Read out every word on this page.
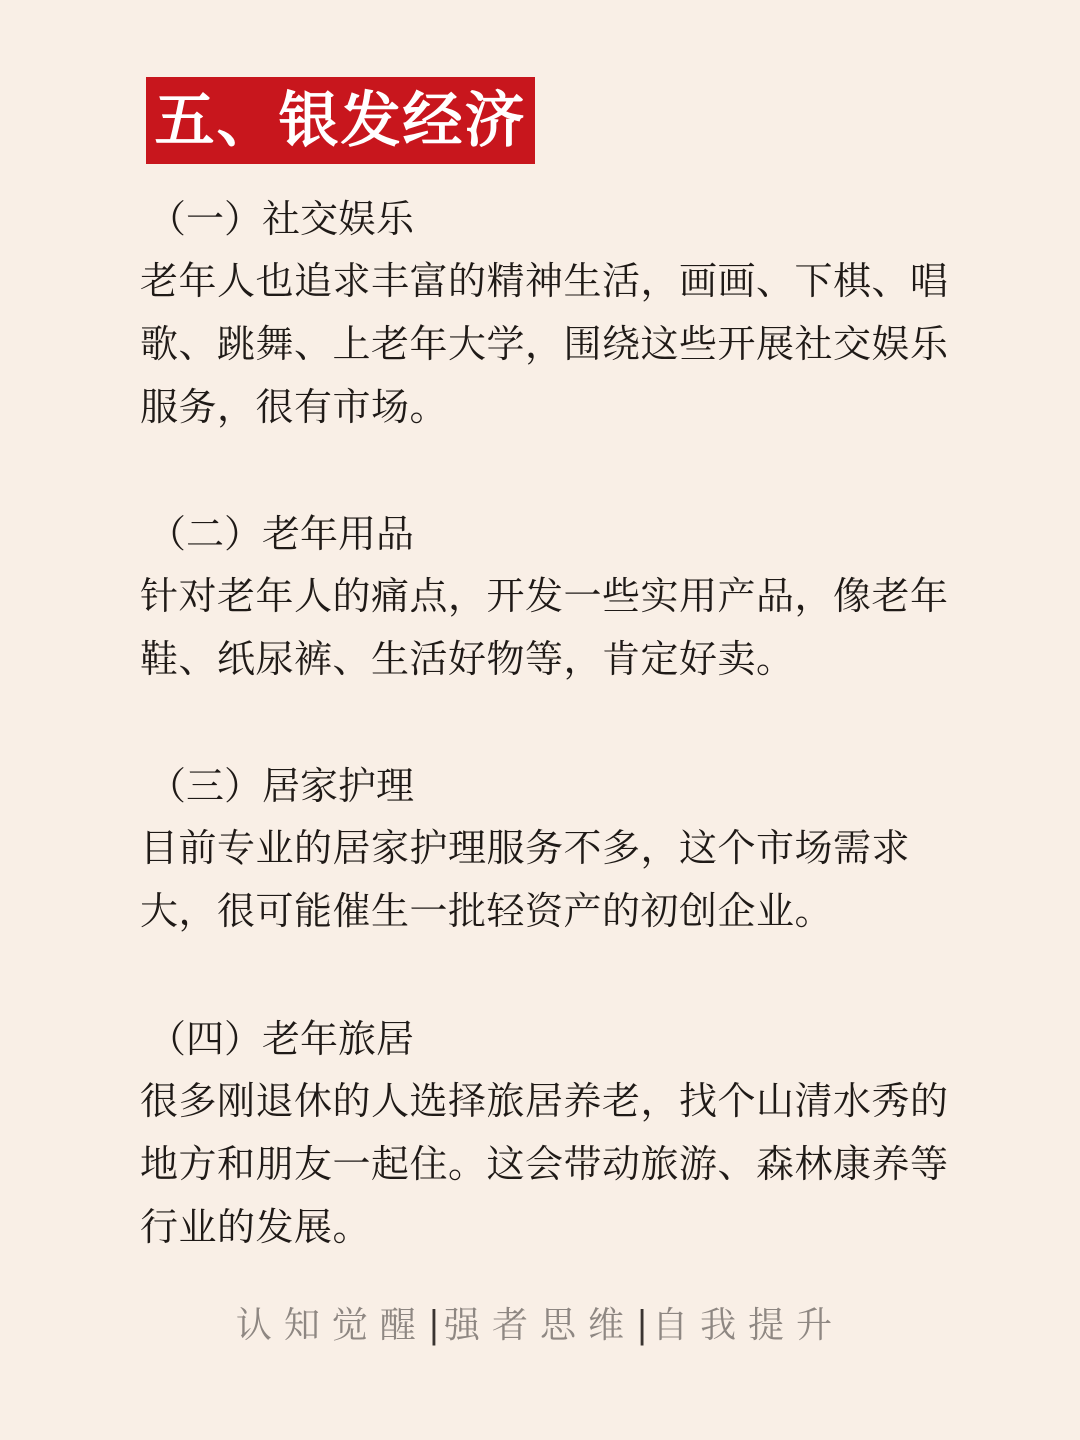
五、银发经济

（一）社交娱乐

老年人也追求丰富的精神生活，画画、下棋、唱歌、跳舞、上老年大学，围绕这些开展社交娱乐服务，很有市场。

（二）老年用品

针对老年人的痛点，开发一些实用产品，像老年鞋、纸尿裤、生活好物等，肯定好卖。

（三）居家护理

目前专业的居家护理服务不多，这个市场需求大，很可能催生一批轻资产的初创企业。

（四）老年旅居

很多刚退休的人选择旅居养老，找个山清水秀的地方和朋友一起住。这会带动旅游、森林康养等行业的发展。

认知觉醒|强者思维|自我提升
